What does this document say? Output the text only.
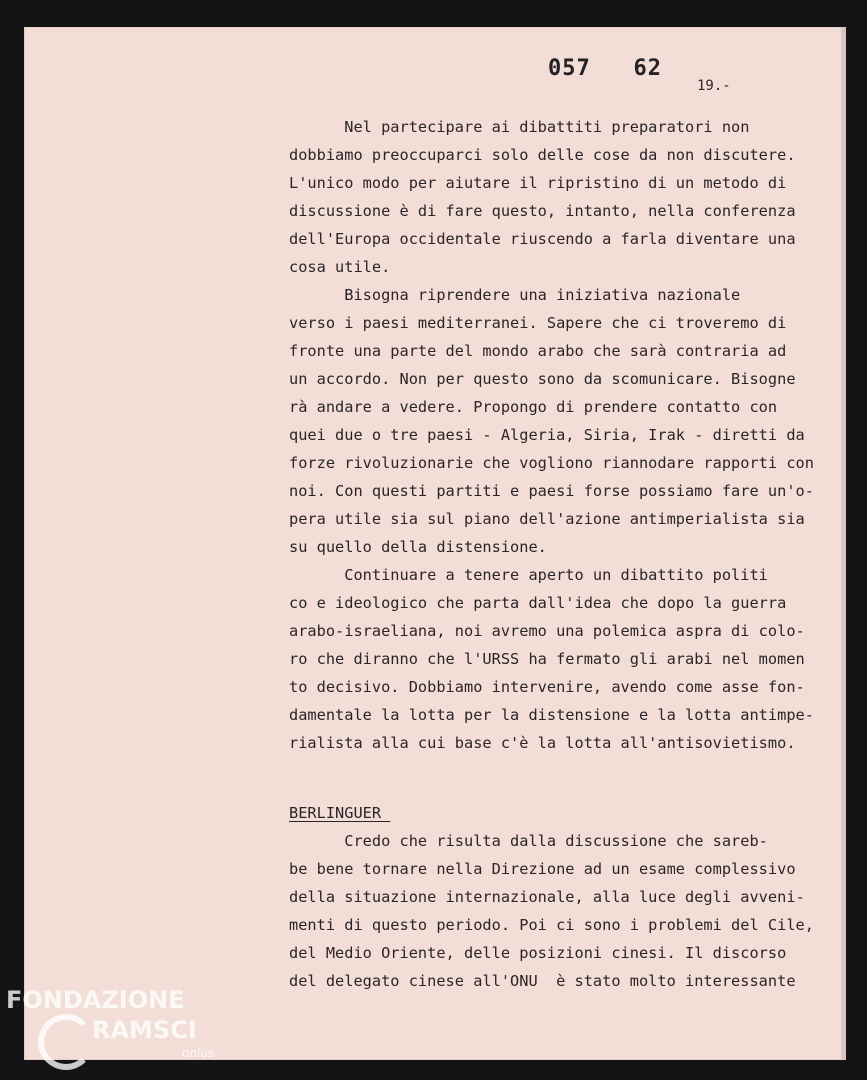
057   62
19.-
Nel partecipare ai dibattiti preparatori non
dobbiamo preoccuparci solo delle cose da non discutere.
L'unico modo per aiutare il ripristino di un metodo di
discussione è di fare questo, intanto, nella conferenza
dell'Europa occidentale riuscendo a farla diventare una
cosa utile.
Bisogna riprendere una iniziativa nazionale
verso i paesi mediterranei. Sapere che ci troveremo di
fronte una parte del mondo arabo che sarà contraria ad
un accordo. Non per questo sono da scomunicare. Bisogne
rà andare a vedere. Propongo di prendere contatto con
quei due o tre paesi - Algeria, Siria, Irak - diretti da
forze rivoluzionarie che vogliono riannodare rapporti con
noi. Con questi partiti e paesi forse possiamo fare un'o-
pera utile sia sul piano dell'azione antimperialista sia
su quello della distensione.
Continuare a tenere aperto un dibattito politi
co e ideologico che parta dall'idea che dopo la guerra
arabo-israeliana, noi avremo una polemica aspra di colo-
ro che diranno che l'URSS ha fermato gli arabi nel momen
to decisivo. Dobbiamo intervenire, avendo come asse fon-
damentale la lotta per la distensione e la lotta antimpe-
rialista alla cui base c'è la lotta all'antisovietismo.
BERLINGUER
Credo che risulta dalla discussione che sareb-
be bene tornare nella Direzione ad un esame complessivo
della situazione internazionale, alla luce degli avveni-
menti di questo periodo. Poi ci sono i problemi del Cile,
del Medio Oriente, delle posizioni cinesi. Il discorso
del delegato cinese all'ONU  è stato molto interessante
FONDAZIONE
RAMSCI
onlus
